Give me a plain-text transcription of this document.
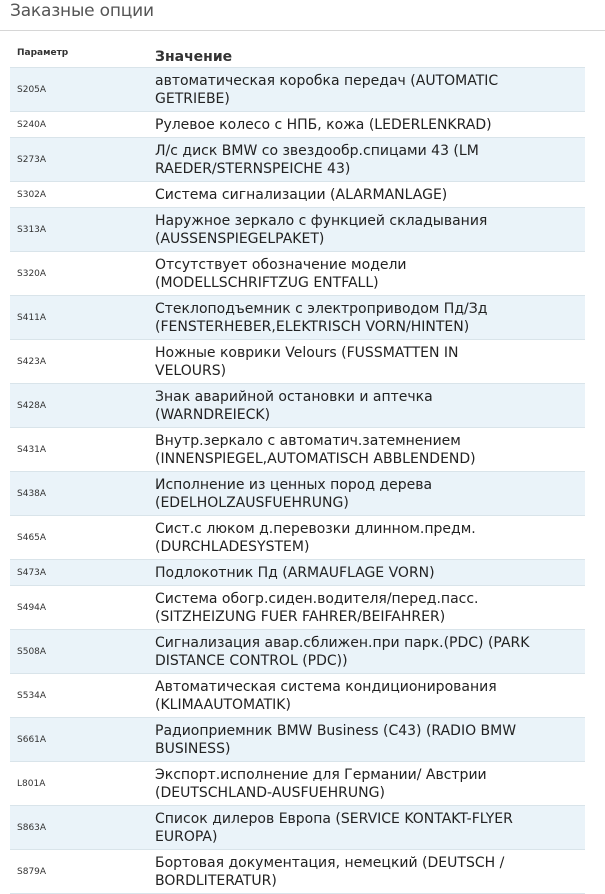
Заказные опции
Параметр	Значение
S205A	автоматическая коробка передач (AUTOMATIC
GETRIEBE)
S240A	Рулевое колесо с НПБ, кожа (LEDERLENKRAD)
S273A	Л/с диск BMW со звездообр.спицами 43 (LM
RAEDER/STERNSPEICHE 43)
S302A	Система сигнализации (ALARMANLAGE)
S313A	Наружное зеркало с функцией складывания
(AUSSENSPIEGELPAKET)
S320A	Отсутствует обозначение модели
(MODELLSCHRIFTZUG ENTFALL)
S411A	Стеклоподъемник с электроприводом Пд/Зд
(FENSTERHEBER,ELEKTRISCH VORN/HINTEN)
S423A	Ножные коврики Velours (FUSSMATTEN IN
VELOURS)
S428A	Знак аварийной остановки и аптечка
(WARNDREIECK)
S431A	Внутр.зеркало с автоматич.затемнением
(INNENSPIEGEL,AUTOMATISCH ABBLENDEND)
S438A	Исполнение из ценных пород дерева
(EDELHOLZAUSFUEHRUNG)
S465A	Сист.с люком д.перевозки длинном.предм.
(DURCHLADESYSTEM)
S473A	Подлокотник Пд (ARMAUFLAGE VORN)
S494A	Система обогр.сиден.водителя/перед.пасс.
(SITZHEIZUNG FUER FAHRER/BEIFAHRER)
S508A	Сигнализация авар.сближен.при парк.(PDC) (PARK
DISTANCE CONTROL (PDC))
S534A	Автоматическая система кондиционирования
(KLIMAAUTOMATIK)
S661A	Радиоприемник BMW Business (C43) (RADIO BMW
BUSINESS)
L801A	Экспорт.исполнение для Германии/ Австрии
(DEUTSCHLAND-AUSFUEHRUNG)
S863A	Список дилеров Европа (SERVICE KONTAKT-FLYER
EUROPA)
S879A	Бортовая документация, немецкий (DEUTSCH /
BORDLITERATUR)
